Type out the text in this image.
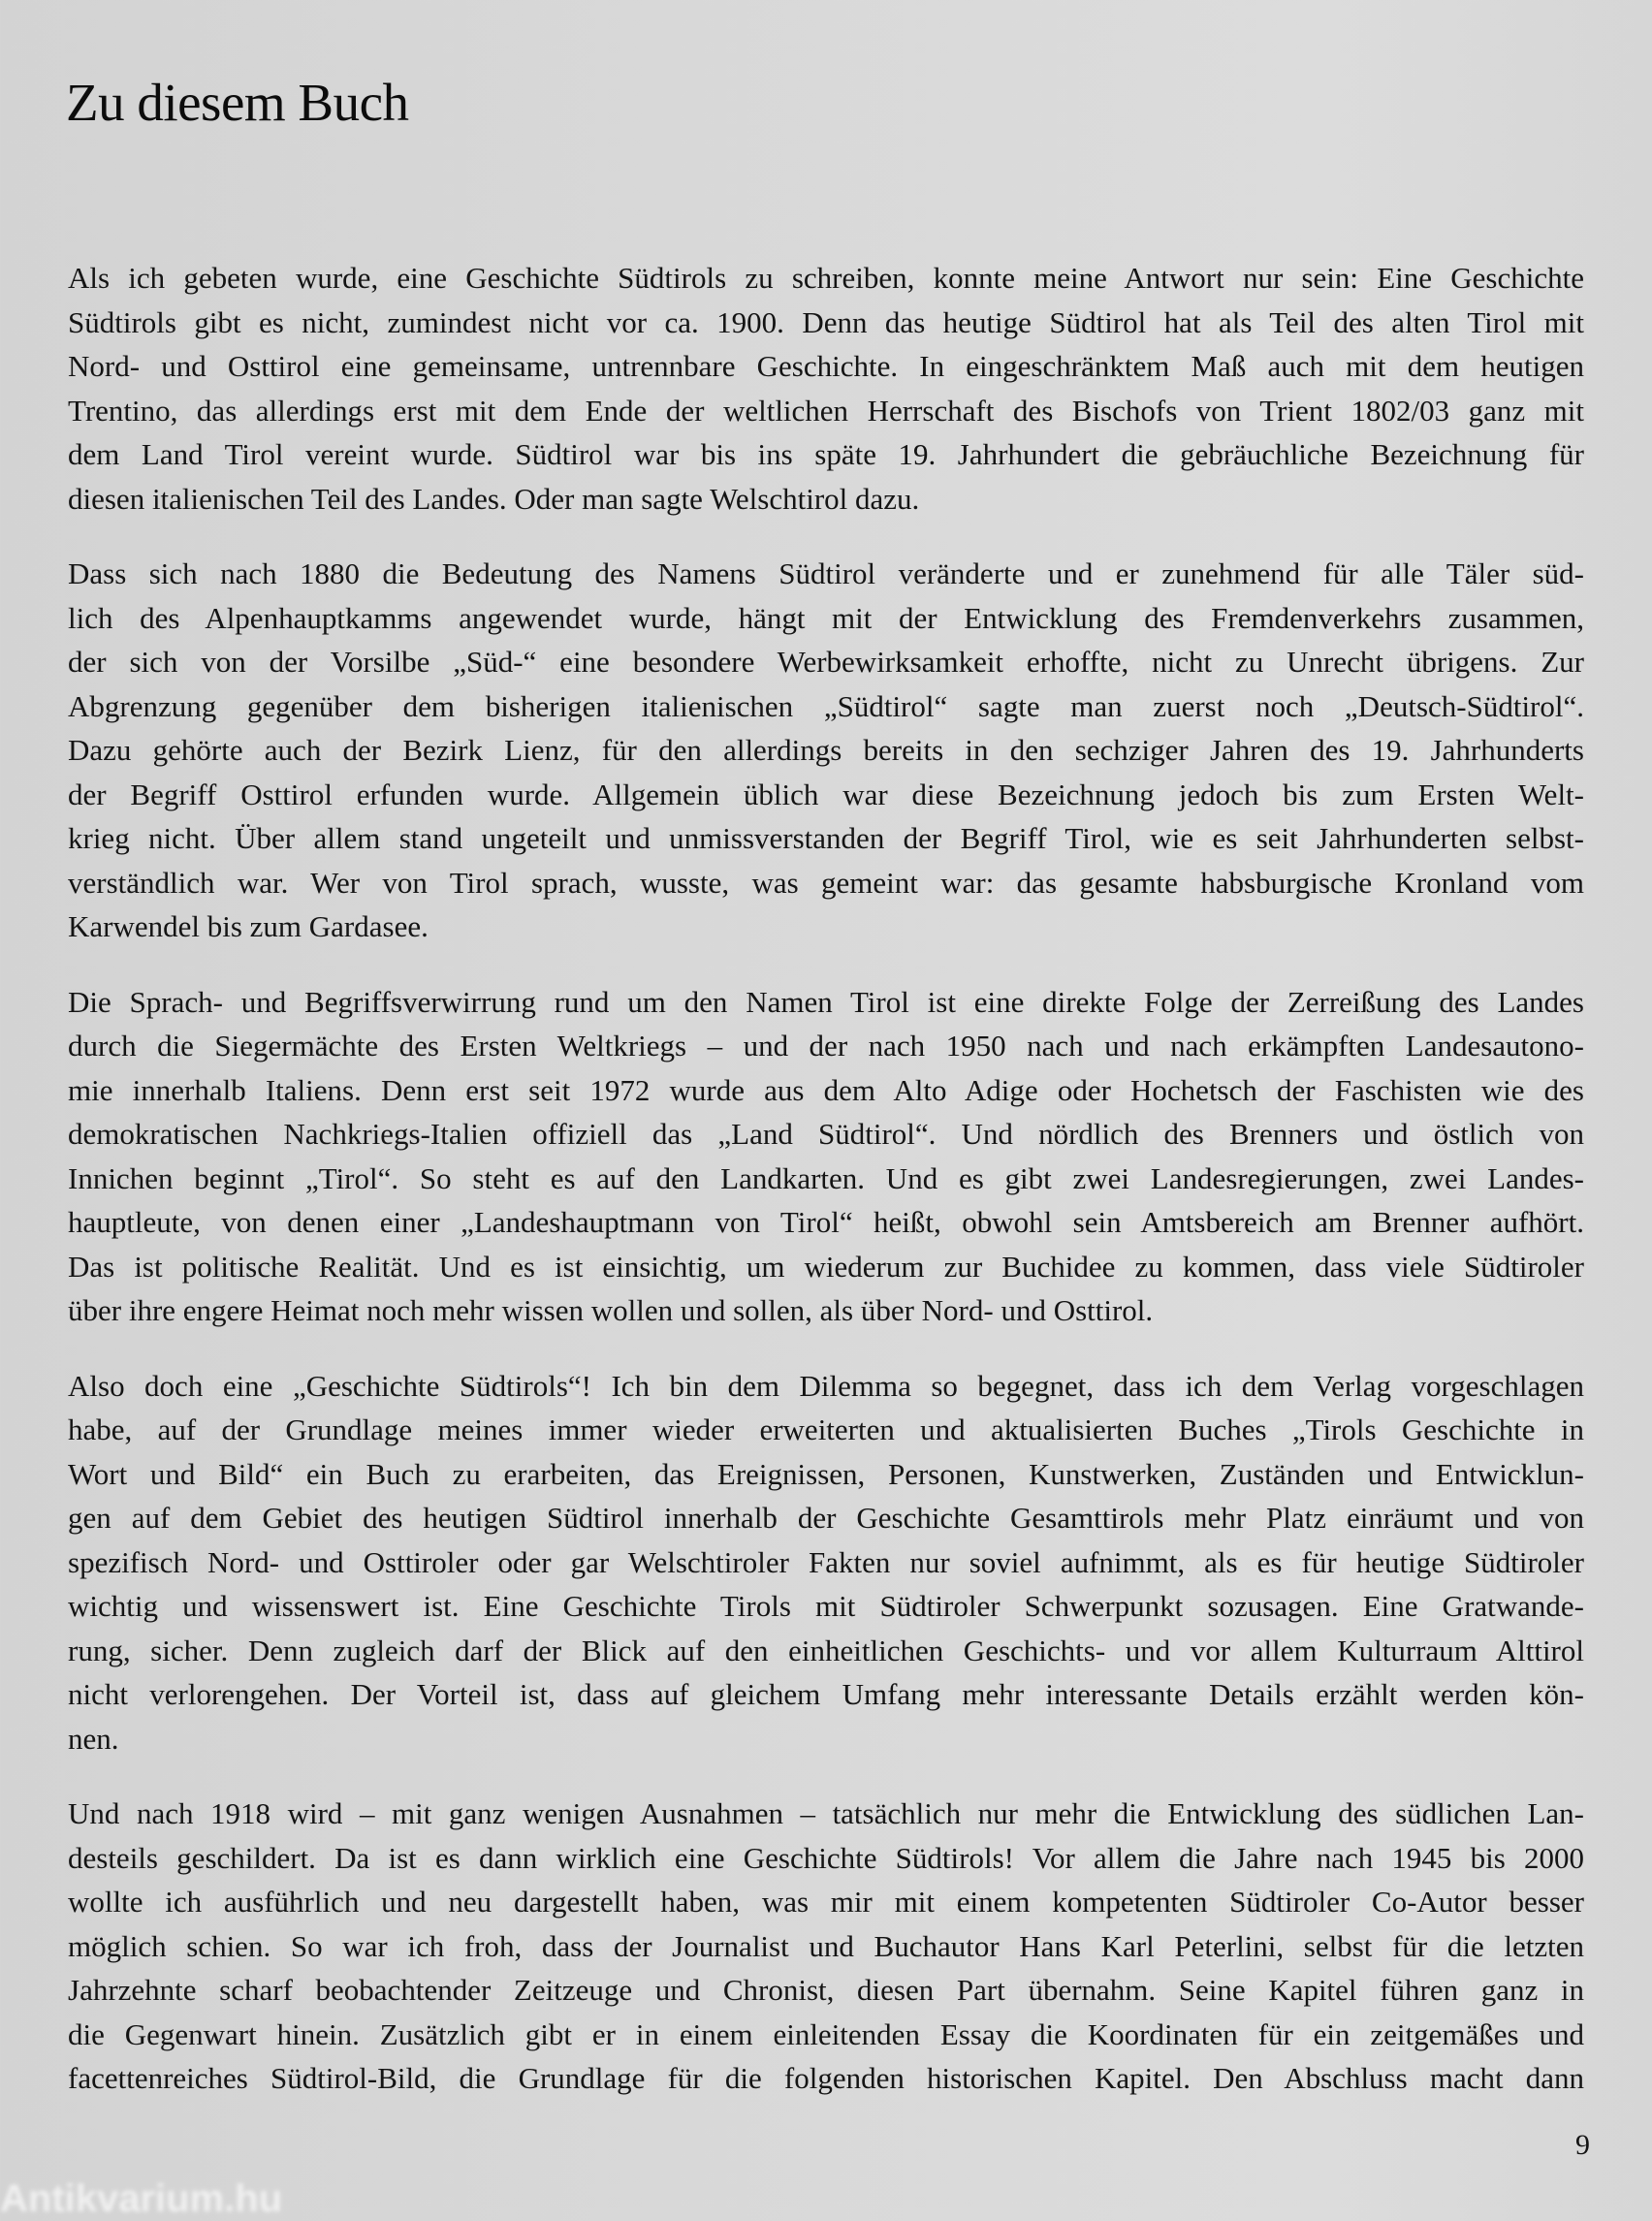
Zu diesem Buch
Als ich gebeten wurde, eine Geschichte Südtirols zu schreiben, konnte meine Antwort nur sein: Eine Geschichte
Südtirols gibt es nicht, zumindest nicht vor ca. 1900. Denn das heutige Südtirol hat als Teil des alten Tirol mit
Nord- und Osttirol eine gemeinsame, untrennbare Geschichte. In eingeschränktem Maß auch mit dem heutigen
Trentino, das allerdings erst mit dem Ende der weltlichen Herrschaft des Bischofs von Trient 1802/03 ganz mit
dem Land Tirol vereint wurde. Südtirol war bis ins späte 19. Jahrhundert die gebräuchliche Bezeichnung für
diesen italienischen Teil des Landes. Oder man sagte Welschtirol dazu.
Dass sich nach 1880 die Bedeutung des Namens Südtirol veränderte und er zunehmend für alle Täler süd-
lich des Alpenhauptkamms angewendet wurde, hängt mit der Entwicklung des Fremdenverkehrs zusammen,
der sich von der Vorsilbe „Süd-“ eine besondere Werbewirksamkeit erhoffte, nicht zu Unrecht übrigens. Zur
Abgrenzung gegenüber dem bisherigen italienischen „Südtirol“ sagte man zuerst noch „Deutsch-Südtirol“.
Dazu gehörte auch der Bezirk Lienz, für den allerdings bereits in den sechziger Jahren des 19. Jahrhunderts
der Begriff Osttirol erfunden wurde. Allgemein üblich war diese Bezeichnung jedoch bis zum Ersten Welt-
krieg nicht. Über allem stand ungeteilt und unmissverstanden der Begriff Tirol, wie es seit Jahrhunderten selbst-
verständlich war. Wer von Tirol sprach, wusste, was gemeint war: das gesamte habsburgische Kronland vom
Karwendel bis zum Gardasee.
Die Sprach- und Begriffsverwirrung rund um den Namen Tirol ist eine direkte Folge der Zerreißung des Landes
durch die Siegermächte des Ersten Weltkriegs – und der nach 1950 nach und nach erkämpften Landesautono-
mie innerhalb Italiens. Denn erst seit 1972 wurde aus dem Alto Adige oder Hochetsch der Faschisten wie des
demokratischen Nachkriegs-Italien offiziell das „Land Südtirol“. Und nördlich des Brenners und östlich von
Innichen beginnt „Tirol“. So steht es auf den Landkarten. Und es gibt zwei Landesregierungen, zwei Landes-
hauptleute, von denen einer „Landeshauptmann von Tirol“ heißt, obwohl sein Amtsbereich am Brenner aufhört.
Das ist politische Realität. Und es ist einsichtig, um wiederum zur Buchidee zu kommen, dass viele Südtiroler
über ihre engere Heimat noch mehr wissen wollen und sollen, als über Nord- und Osttirol.
Also doch eine „Geschichte Südtirols“! Ich bin dem Dilemma so begegnet, dass ich dem Verlag vorgeschlagen
habe, auf der Grundlage meines immer wieder erweiterten und aktualisierten Buches „Tirols Geschichte in
Wort und Bild“ ein Buch zu erarbeiten, das Ereignissen, Personen, Kunstwerken, Zuständen und Entwicklun-
gen auf dem Gebiet des heutigen Südtirol innerhalb der Geschichte Gesamttirols mehr Platz einräumt und von
spezifisch Nord- und Osttiroler oder gar Welschtiroler Fakten nur soviel aufnimmt, als es für heutige Südtiroler
wichtig und wissenswert ist. Eine Geschichte Tirols mit Südtiroler Schwerpunkt sozusagen. Eine Gratwande-
rung, sicher. Denn zugleich darf der Blick auf den einheitlichen Geschichts- und vor allem Kulturraum Alttirol
nicht verlorengehen. Der Vorteil ist, dass auf gleichem Umfang mehr interessante Details erzählt werden kön-
nen.
Und nach 1918 wird – mit ganz wenigen Ausnahmen – tatsächlich nur mehr die Entwicklung des südlichen Lan-
desteils geschildert. Da ist es dann wirklich eine Geschichte Südtirols! Vor allem die Jahre nach 1945 bis 2000
wollte ich ausführlich und neu dargestellt haben, was mir mit einem kompetenten Südtiroler Co-Autor besser
möglich schien. So war ich froh, dass der Journalist und Buchautor Hans Karl Peterlini, selbst für die letzten
Jahrzehnte scharf beobachtender Zeitzeuge und Chronist, diesen Part übernahm. Seine Kapitel führen ganz in
die Gegenwart hinein. Zusätzlich gibt er in einem einleitenden Essay die Koordinaten für ein zeitgemäßes und
facettenreiches Südtirol-Bild, die Grundlage für die folgenden historischen Kapitel. Den Abschluss macht dann
9
Antikvarium.hu
